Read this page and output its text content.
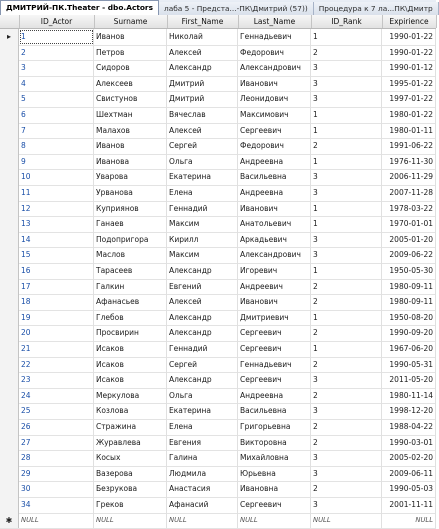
ДМИТРИЙ-ПК.Theater - dbo.Actors	лаба 5 - Предста...-ПК\Дмитрий (57))	Процедура к 7 ла...ПК\Дмитр
ID_Actor	Surname	First_Name	Last_Name	ID_Rank	Expirience
▸	1	Иванов	Николай	Геннадьевич	1	1990-01-22
2	Петров	Алексей	Федорович	2	1990-01-22
3	Сидоров	Александр	Александрович	3	1990-01-12
4	Алексеев	Дмитрий	Иванович	3	1995-01-22
5	Свистунов	Дмитрий	Леонидович	3	1997-01-22
6	Шехтман	Вячеслав	Максимович	1	1980-01-22
7	Малахов	Алексей	Сергеевич	1	1980-01-11
8	Иванов	Сергей	Федорович	2	1991-06-22
9	Иванова	Ольга	Андреевна	1	1976-11-30
10	Уварова	Екатерина	Васильевна	3	2006-11-29
11	Урванова	Елена	Андреевна	3	2007-11-28
12	Куприянов	Геннадий	Иванович	1	1978-03-22
13	Ганаев	Максим	Анатольевич	1	1970-01-01
14	Подопригора	Кирилл	Аркадьевич	3	2005-01-20
15	Маслов	Максим	Александрович	3	2009-06-22
16	Тарасеев	Александр	Игоревич	1	1950-05-30
17	Галкин	Евгений	Андреевич	2	1980-09-11
18	Афанасьев	Алексей	Иванович	2	1980-09-11
19	Глебов	Александр	Дмитриевич	1	1950-08-20
20	Просвирин	Александр	Сергеевич	2	1990-09-20
21	Исаков	Геннадий	Сергеевич	1	1967-06-20
22	Исаков	Сергей	Геннадьевич	2	1990-05-31
23	Исаков	Александр	Сергеевич	3	2011-05-20
24	Меркулова	Ольга	Андреевна	2	1980-11-14
25	Козлова	Екатерина	Васильевна	3	1998-12-20
26	Стражина	Елена	Григорьевна	2	1988-04-22
27	Журавлева	Евгения	Викторовна	2	1990-03-01
28	Косых	Галина	Михайловна	3	2005-02-20
29	Вазерова	Людмила	Юрьевна	3	2009-06-11
30	Безрукова	Анастасия	Ивановна	2	1990-05-03
34	Греков	Афанасий	Сергеевич	3	2001-11-11
✱	NULL	NULL	NULL	NULL	NULL	NULL
